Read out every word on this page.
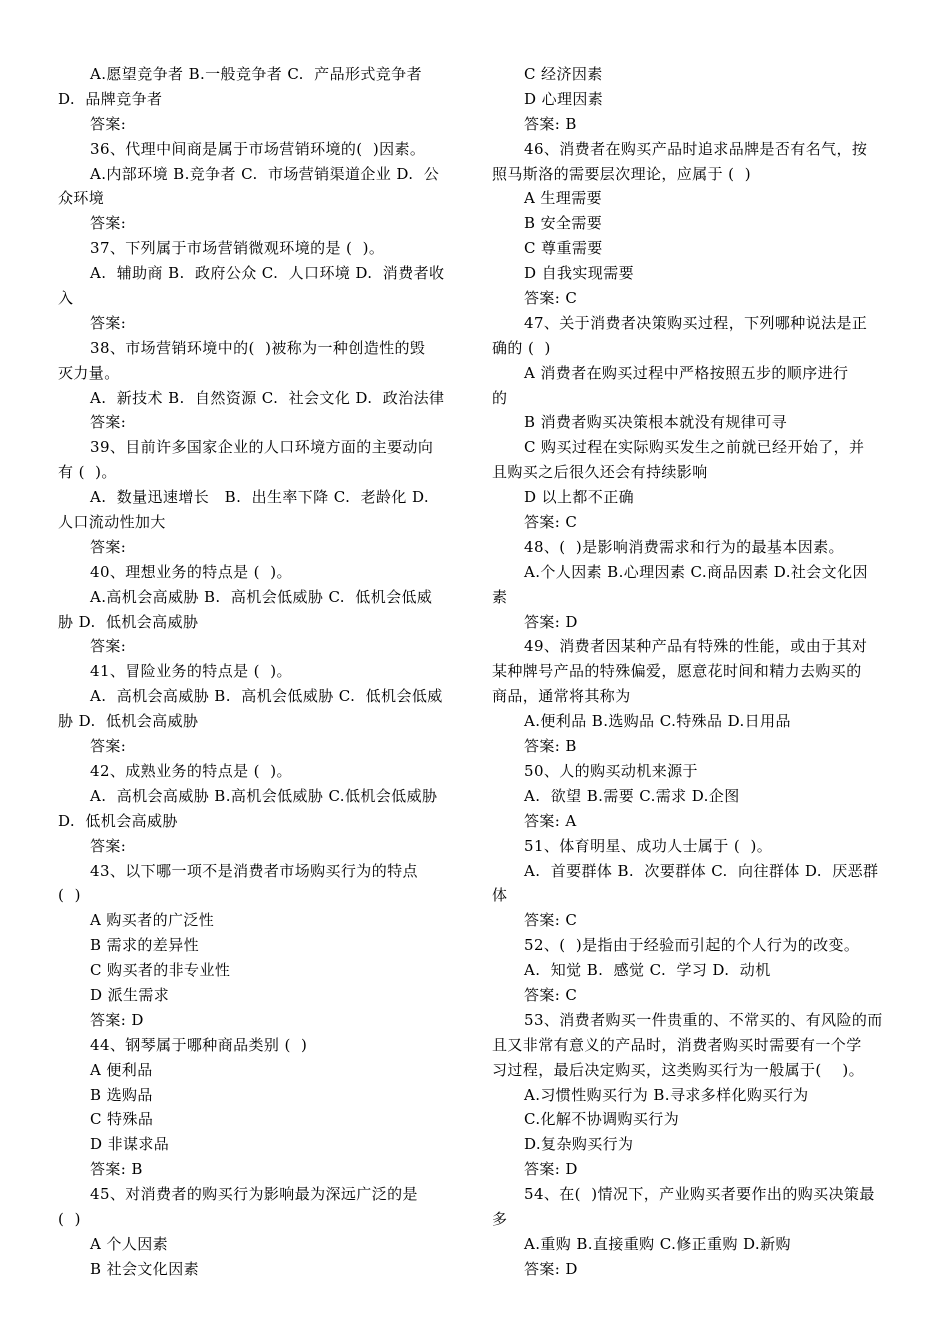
A.愿望竞争者 B.一般竞争者 C.  产品形式竞争者
D.  品牌竞争者
答案:
36、代理中间商是属于市场营销环境的(  )因素。
A.内部环境 B.竞争者 C.  市场营销渠道企业 D.  公
众环境
答案:
37、下列属于市场营销微观环境的是 (  )。
A.  辅助商 B.  政府公众 C.  人口环境 D.  消费者收
入
答案:
38、市场营销环境中的(  )被称为一种创造性的毁
灭力量。
A.  新技术 B.  自然资源 C.  社会文化 D.  政治法律
答案:
39、目前许多国家企业的人口环境方面的主要动向
有 (  )。
A.  数量迅速增长   B.  出生率下降 C.  老龄化 D.
人口流动性加大
答案:
40、理想业务的特点是 (  )。
A.高机会高威胁 B.  高机会低威胁 C.  低机会低威
胁 D.  低机会高威胁
答案:
41、冒险业务的特点是 (  )。
A.  高机会高威胁 B.  高机会低威胁 C.  低机会低威
胁 D.  低机会高威胁
答案:
42、成熟业务的特点是 (  )。
A.  高机会高威胁 B.高机会低威胁 C.低机会低威胁
D.  低机会高威胁
答案:
43、以下哪一项不是消费者市场购买行为的特点
(  )
A 购买者的广泛性
B 需求的差异性
C 购买者的非专业性
D 派生需求
答案: D
44、钢琴属于哪种商品类别 (  )
A 便利品
B 选购品
C 特殊品
D 非谋求品
答案: B
45、对消费者的购买行为影响最为深远广泛的是
(  )
A 个人因素
B 社会文化因素
C 经济因素
D 心理因素
答案: B
46、消费者在购买产品时追求品牌是否有名气，按
照马斯洛的需要层次理论，应属于 (  )
A 生理需要
B 安全需要
C 尊重需要
D 自我实现需要
答案: C
47、关于消费者决策购买过程，下列哪种说法是正
确的 (  )
A 消费者在购买过程中严格按照五步的顺序进行
的
B 消费者购买决策根本就没有规律可寻
C 购买过程在实际购买发生之前就已经开始了，并
且购买之后很久还会有持续影响
D 以上都不正确
答案: C
48、(  )是影响消费需求和行为的最基本因素。
A.个人因素 B.心理因素 C.商品因素 D.社会文化因
素
答案: D
49、消费者因某种产品有特殊的性能，或由于其对
某种牌号产品的特殊偏爱，愿意花时间和精力去购买的
商品，通常将其称为
A.便利品 B.选购品 C.特殊品 D.日用品
答案: B
50、人的购买动机来源于
A.  欲望 B.需要 C.需求 D.企图
答案: A
51、体育明星、成功人士属于 (  )。
A.  首要群体 B.  次要群体 C.  向往群体 D.  厌恶群
体
答案: C
52、(  )是指由于经验而引起的个人行为的改变。
A.  知觉 B.  感觉 C.  学习 D.  动机
答案: C
53、消费者购买一件贵重的、不常买的、有风险的而
且又非常有意义的产品时，消费者购买时需要有一个学
习过程，最后决定购买，这类购买行为一般属于(    )。
A.习惯性购买行为 B.寻求多样化购买行为
C.化解不协调购买行为
D.复杂购买行为
答案: D
54、在(  )情况下，产业购买者要作出的购买决策最
多
A.重购 B.直接重购 C.修正重购 D.新购
答案: D
